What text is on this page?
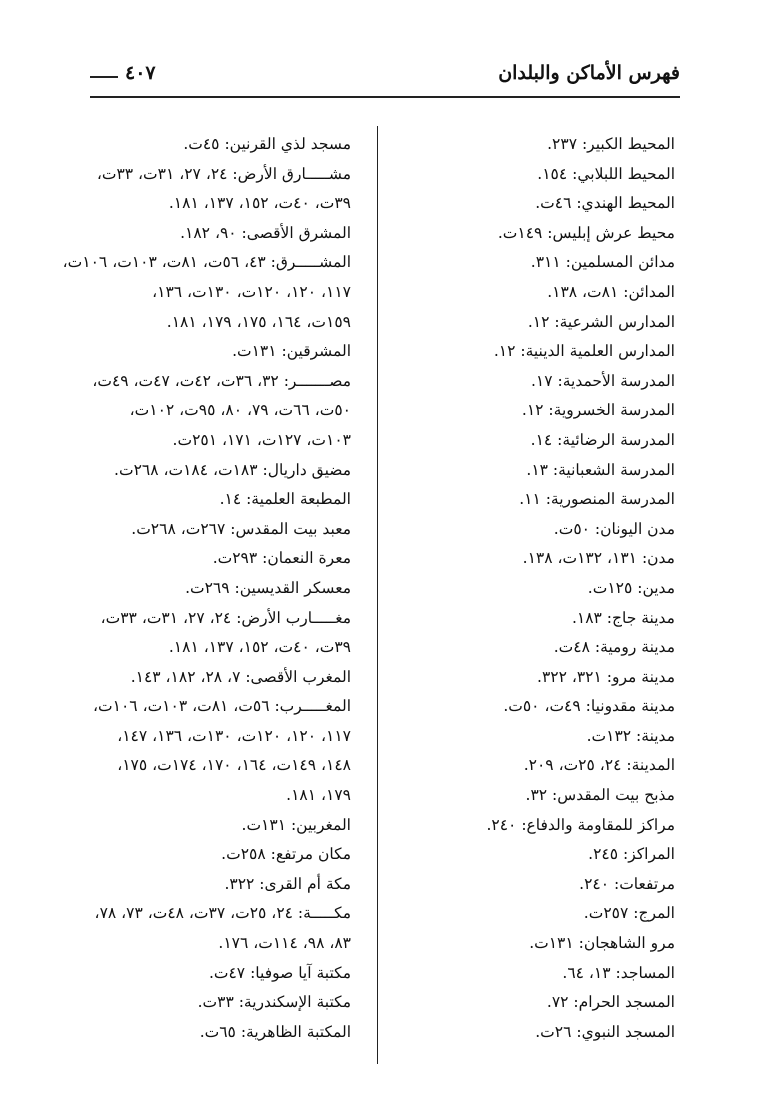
فهرس الأماكن والبلدان
٤٠٧
المحيط الكبير: ٢٣٧.
المحيط اللبلابي: ١٥٤.
المحيط الهندي: ٤٦ت.
محيط عرش إبليس: ١٤٩ت.
مدائن المسلمين: ٣١١.
المدائن: ٨١ت، ١٣٨.
المدارس الشرعية: ١٢.
المدارس العلمية الدينية: ١٢.
المدرسة الأحمدية: ١٧.
المدرسة الخسروية: ١٢.
المدرسة الرضائية: ١٤.
المدرسة الشعبانية: ١٣.
المدرسة المنصورية: ١١.
مدن اليونان: ٥٠ت.
مدن: ١٣١، ١٣٢ت، ١٣٨.
مدين: ١٢٥ت.
مدينة جاج: ١٨٣.
مدينة رومية: ٤٨ت.
مدينة مرو: ٣٢١، ٣٢٢.
مدينة مقدونيا: ٤٩ت، ٥٠ت.
مدينة: ١٣٢ت.
المدينة: ٢٤، ٢٥ت، ٢٠٩.
مذبح بيت المقدس: ٣٢.
مراكز للمقاومة والدفاع: ٢٤٠.
المراكز: ٢٤٥.
مرتفعات: ٢٤٠.
المرج: ٢٥٧ت.
مرو الشاهجان: ١٣١ت.
المساجد: ١٣، ٦٤.
المسجد الحرام: ٧٢.
المسجد النبوي: ٢٦ت.
مسجد لذي القرنين: ٤٥ت.
مشـــــارق الأرض: ٢٤، ٢٧، ٣١ت، ٣٣ت،
٣٩ت، ٤٠ت، ١٥٢، ١٣٧، ١٨١.
المشرق الأقصى: ٩٠، ١٨٢.
المشـــــرق: ٤٣، ٥٦ت، ٨١ت، ١٠٣ت، ١٠٦ت،
١١٧، ١٢٠، ١٢٠ت، ١٣٠ت، ١٣٦،
١٥٩ت، ١٦٤، ١٧٥، ١٧٩، ١٨١.
المشرقين: ١٣١ت.
مصـــــــر: ٣٢، ٣٦ت، ٤٢ت، ٤٧ت، ٤٩ت،
٥٠ت، ٦٦ت، ٧٩، ٨٠، ٩٥ت، ١٠٢ت،
١٠٣ت، ١٢٧ت، ١٧١، ٢٥١ت.
مضيق داريال: ١٨٣ت، ١٨٤ت، ٢٦٨ت.
المطبعة العلمية: ١٤.
معبد بيت المقدس: ٢٦٧ت، ٢٦٨ت.
معرة النعمان: ٢٩٣ت.
معسكر القديسين: ٢٦٩ت.
مغـــــارب الأرض: ٢٤، ٢٧، ٣١ت، ٣٣ت،
٣٩ت، ٤٠ت، ١٥٢، ١٣٧، ١٨١.
المغرب الأقصى: ٧، ٢٨، ١٨٢، ١٤٣.
المغـــــرب: ٥٦ت، ٨١ت، ١٠٣ت، ١٠٦ت،
١١٧، ١٢٠، ١٢٠ت، ١٣٠ت، ١٣٦، ١٤٧،
١٤٨، ١٤٩ت، ١٦٤، ١٧٠، ١٧٤ت، ١٧٥،
١٧٩، ١٨١.
المغربين: ١٣١ت.
مكان مرتفع: ٢٥٨ت.
مكة أم القرى: ٣٢٢.
مكـــــة: ٢٤، ٢٥ت، ٣٧ت، ٤٨ت، ٧٣، ٧٨،
٨٣، ٩٨، ١١٤ت، ١٧٦.
مكتبة آيا صوفيا: ٤٧ت.
مكتبة الإسكندرية: ٣٣ت.
المكتبة الظاهرية: ٦٥ت.
